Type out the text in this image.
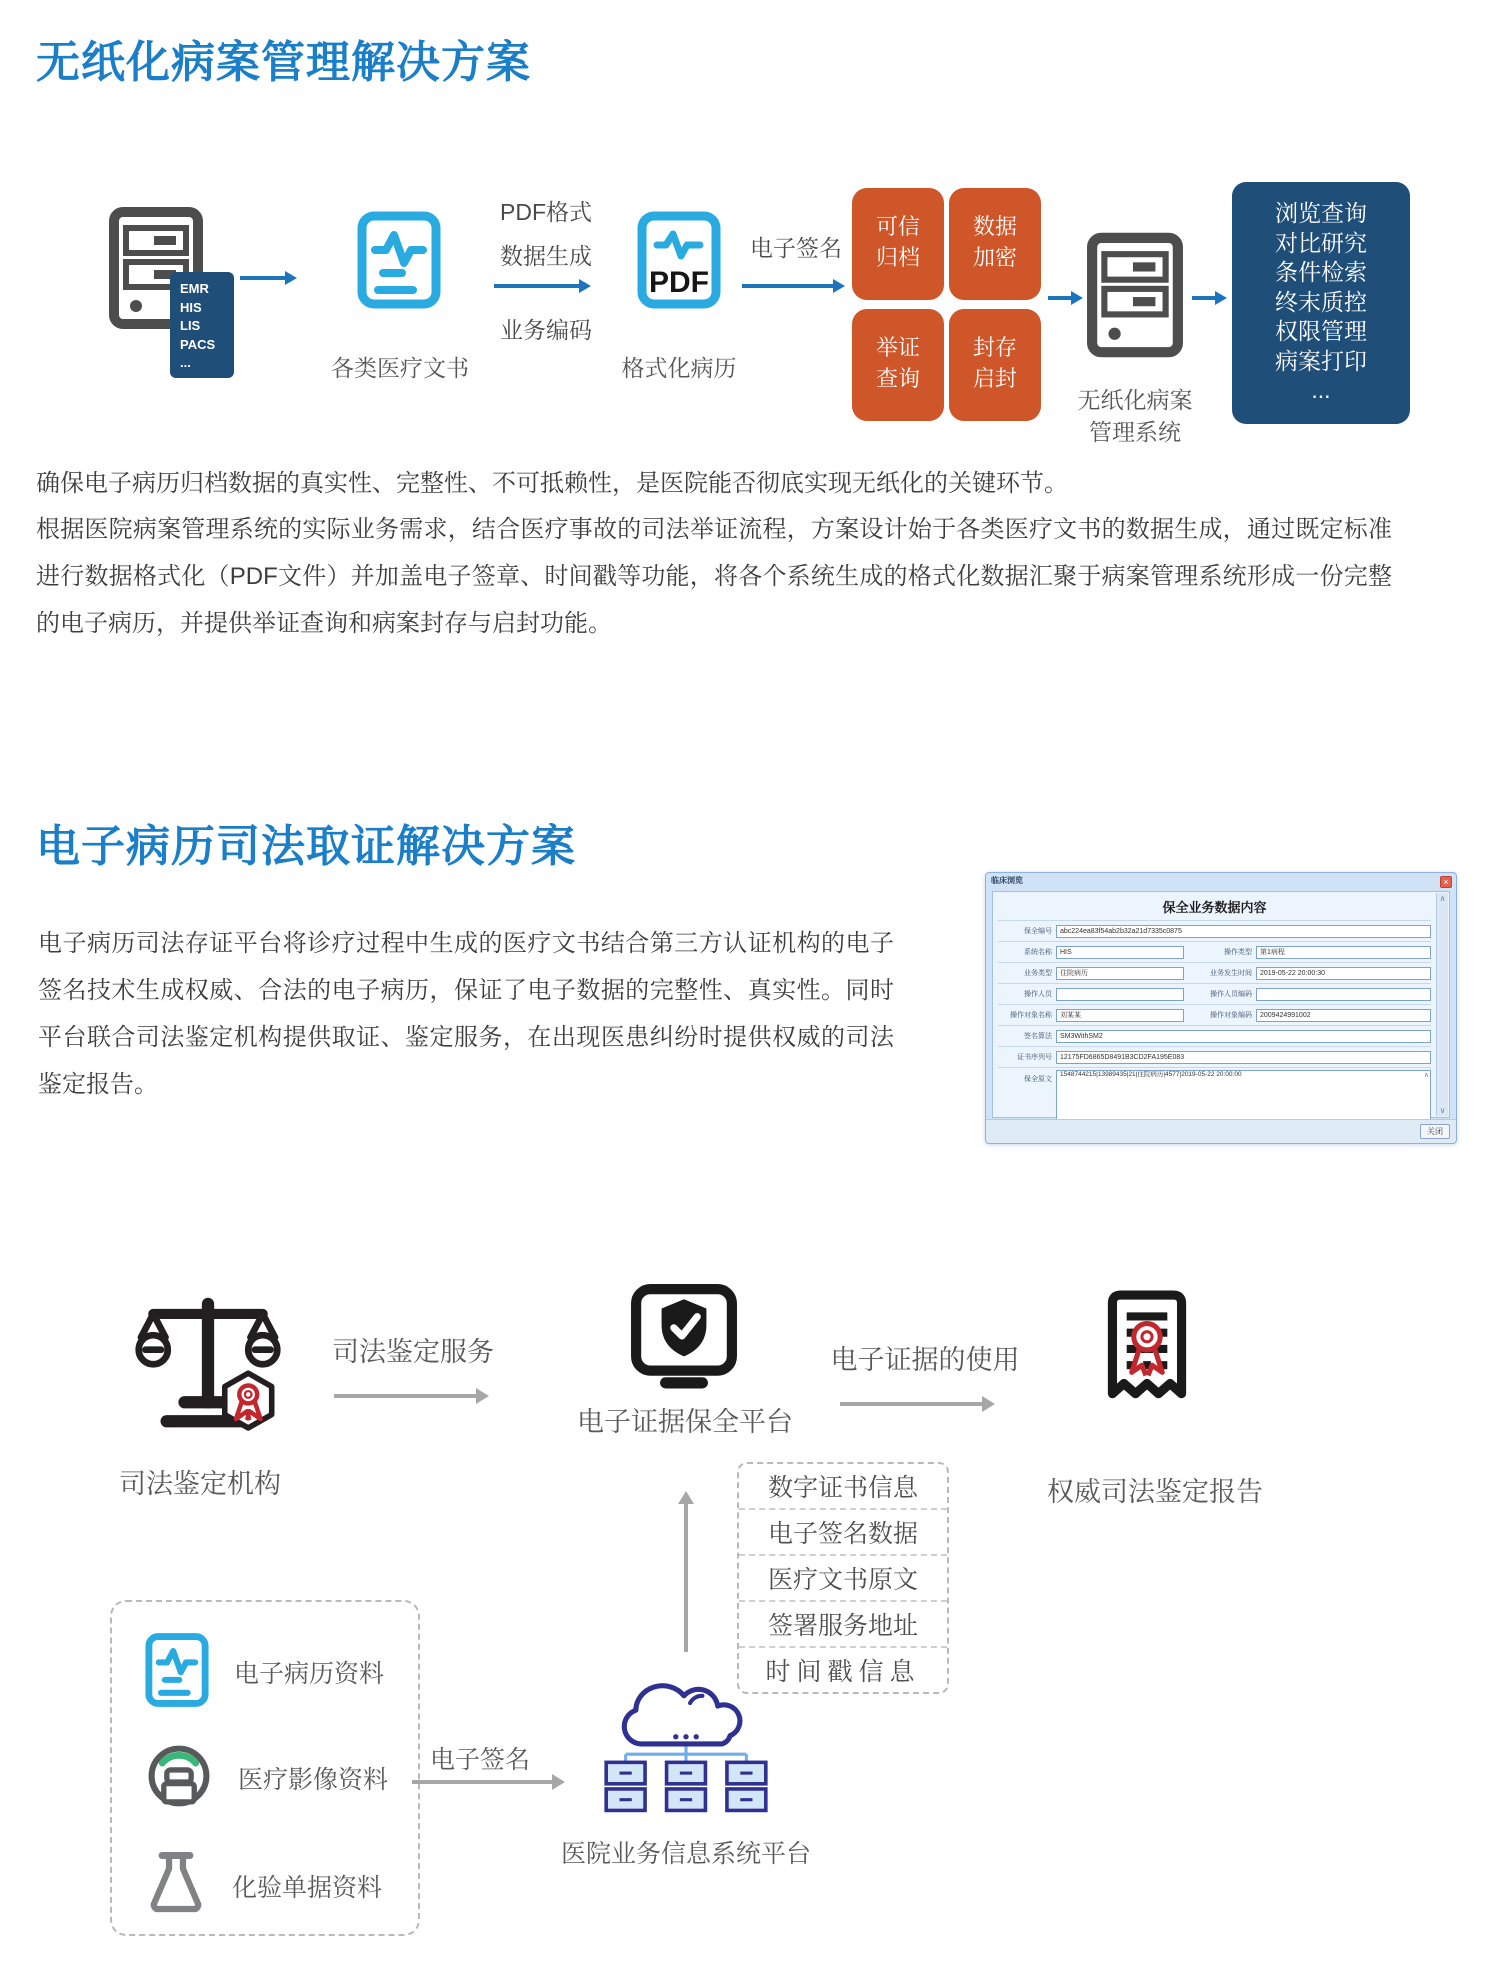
无纸化病案管理解决方案
EMR
HIS
LIS
PACS
...	各类医疗文书
PDF格式
数据生成
业务编码
PDF
格式化病历
电子签名
可信
归档
数据
加密
举证
查询
封存
启封
无纸化病案
管理系统
浏览查询
对比研究
条件检索
终末质控
权限管理
病案打印
...
确保电子病历归档数据的真实性、完整性、不可抵赖性，是医院能否彻底实现无纸化的关键环节。
根据医院病案管理系统的实际业务需求，结合医疗事故的司法举证流程，方案设计始于各类医疗文书的数据生成，通过既定标准进行数据格式化（PDF文件）并加盖电子签章、时间戳等功能，将各个系统生成的格式化数据汇聚于病案管理系统形成一份完整的电子病历，并提供举证查询和病案封存与启封功能。
电子病历司法取证解决方案
电子病历司法存证平台将诊疗过程中生成的医疗文书结合第三方认证机构的电子签名技术生成权威、合法的电子病历，保证了电子数据的完整性、真实性。同时平台联合司法鉴定机构提供取证、鉴定服务，在出现医患纠纷时提供权威的司法鉴定报告。
临床浏览	×
保全业务数据内容
保全编号	abc224ea83f54ab2b32a21d7335c0875
系统名称	HIS	操作类型	第1病程
业务类型	住院病历	业务发生时间	2019-05-22 20:00:30
操作人员	操作人员编码
操作对象名称	刘某某	操作对象编码	2009424991002
签名算法	SM3WithSM2
证书序列号	12175FD6865D8491B3CD2FA195E083
保全原文
1548744215|13989435|21|住院病历|4577|2019-05-22 20:00:00	∧
∧
∨
关闭
司法鉴定机构
司法鉴定服务
电子证据保全平台
电子证据的使用
权威司法鉴定报告
数字证书信息
电子签名数据
医疗文书原文
签署服务地址
时间戳信息
电子病历资料
医疗影像资料
化验单据资料
电子签名
医院业务信息系统平台
